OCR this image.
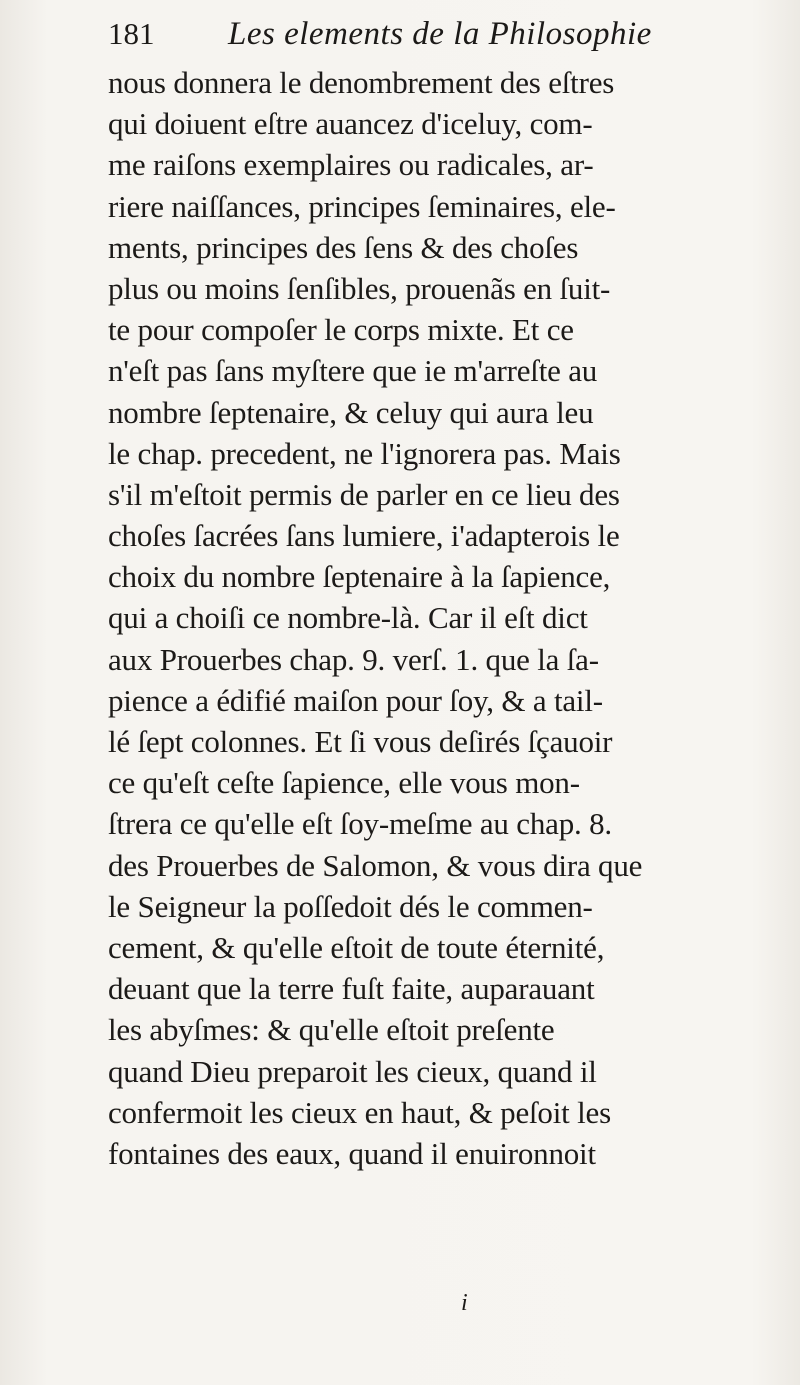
181 Les elements de la Philosophie
nous donnera le denombrement des eſtres
qui doiuent eſtre auancez d'iceluy, com-
me raiſons exemplaires ou radicales, ar-
riere naiſſances, principes ſeminaires, ele-
ments, principes des ſens & des choſes
plus ou moins ſenſibles, prouenãs en ſuit-
te pour compoſer le corps mixte. Et ce
n'eſt pas ſans myſtere que ie m'arreſte au
nombre ſeptenaire, & celuy qui aura leu
le chap. precedent, ne l'ignorera pas. Mais
s'il m'eſtoit permis de parler en ce lieu des
choſes ſacrées ſans lumiere, i'adapterois le
choix du nombre ſeptenaire à la ſapience,
qui a choiſi ce nombre-là. Car il eſt dict
aux Prouerbes chap. 9. verſ. 1. que la ſa-
pience a édifié maiſon pour ſoy, & a tail-
lé ſept colonnes. Et ſi vous deſirés ſçauoir
ce qu'eſt ceſte ſapience, elle vous mon-
ſtrera ce qu'elle eſt ſoy-meſme au chap. 8.
des Prouerbes de Salomon, & vous dira que
le Seigneur la poſſedoit dés le commen-
cement, & qu'elle eſtoit de toute éternité,
deuant que la terre fuſt faite, auparauant
les abyſmes: & qu'elle eſtoit preſente
quand Dieu preparoit les cieux, quand il
confermoit les cieux en haut, & peſoit les
fontaines des eaux, quand il enuironnoit
i
